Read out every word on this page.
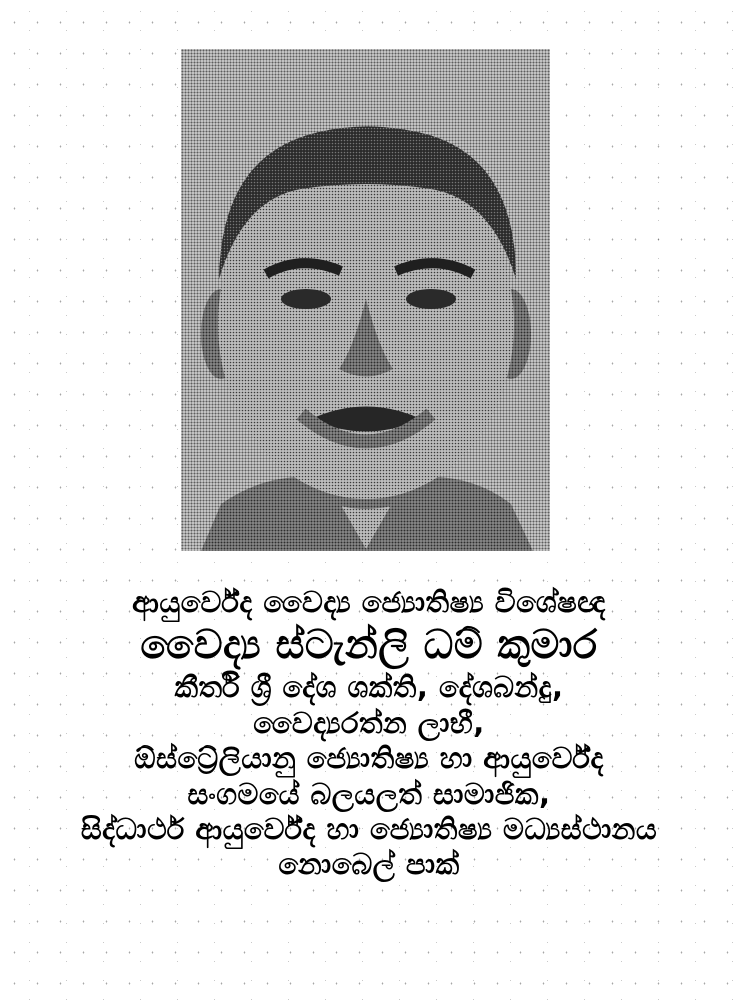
ආයුර්වේද වෛද්‍ය ජ්‍යොතිෂ්‍ය විශේෂඥ
වෛද්‍ය ස්ටැන්ලි ධම් කුමාර
කීර්ති ශ්‍රී දේශ ශක්ති, දේශබන්දු,
වෛද්‍යරත්න ලාභී,
ඕස්ට්‍රේලියානු ජ්‍යොතිෂ්‍ය හා ආයුර්වේද
සංගමයේ බලයලත් සාමාජික,
සිද්ධාර්ථ ආයුර්වේද හා ජ්‍යොතිෂ්‍ය මධ්‍යස්ථානය
නොබෙල් පාක්
